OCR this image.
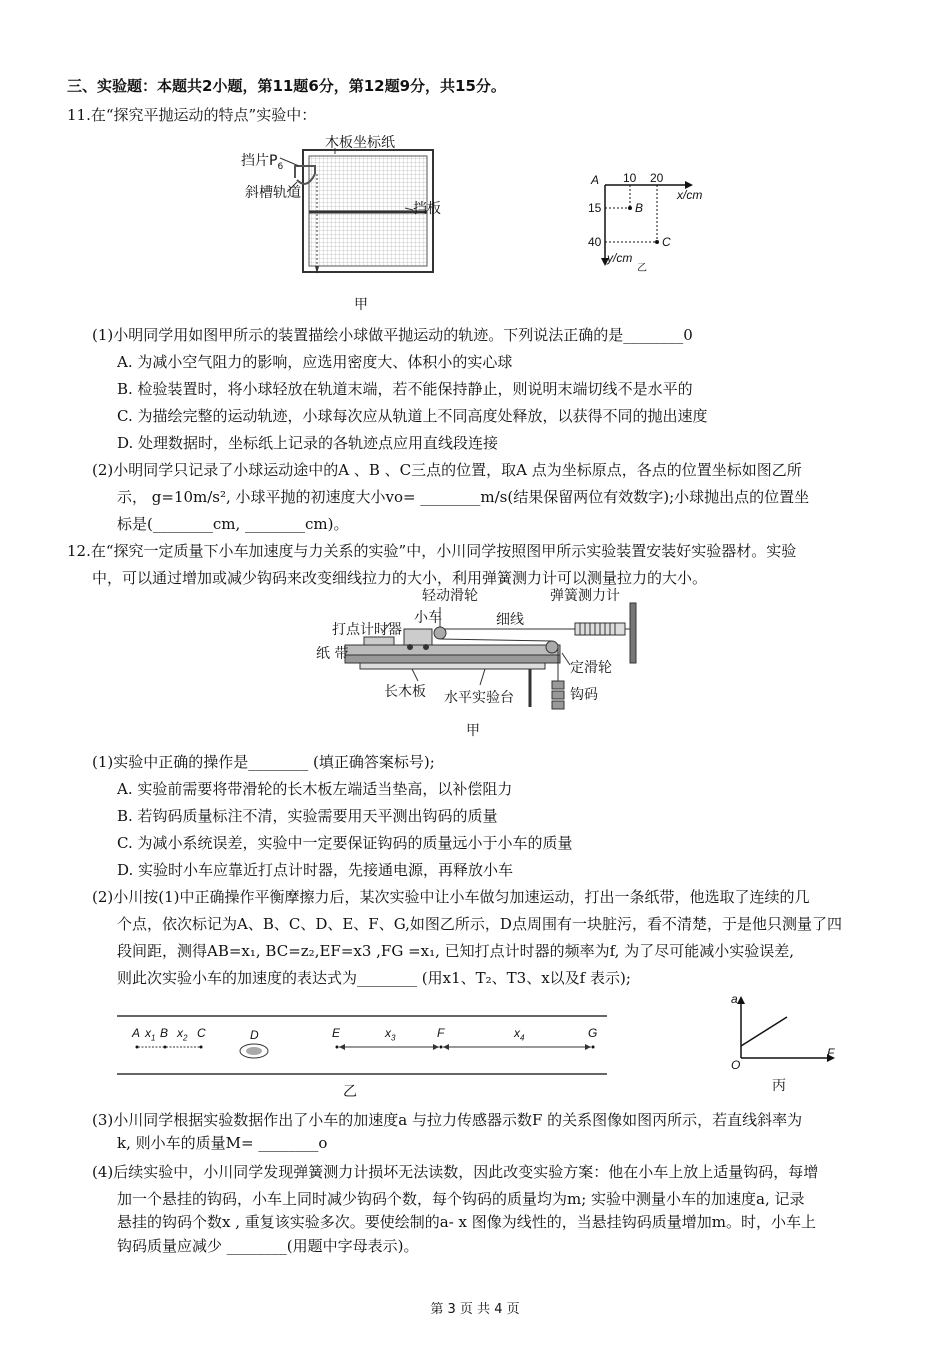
三、实验题：本题共2小题，第11题6分，第12题9分，共15分。
11.在“探究平抛运动的特点”实验中：
木板坐标纸
挡片$P_6$
斜槽轨道
挡板
甲
A 10 20
x/cm
15
40
B
C
y/cm
乙
(1)小明同学用如图甲所示的装置描绘小球做平抛运动的轨迹。下列说法正确的是________0
A. 为减小空气阻力的影响，应选用密度大、体积小的实心球
B. 检验装置时，将小球轻放在轨道末端，若不能保持静止，则说明末端切线不是水平的
C. 为描绘完整的运动轨迹，小球每次应从轨道上不同高度处释放，以获得不同的抛出速度
D. 处理数据时，坐标纸上记录的各轨迹点应用直线段连接
(2)小明同学只记录了小球运动途中的A 、B 、C三点的位置，取A 点为坐标原点，各点的位置坐标如图乙所
示， g=10m/s², 小球平抛的初速度大小vo= ________m/s(结果保留两位有效数字);小球抛出点的位置坐
标是(________cm, ________cm)。
12.在“探究一定质量下小车加速度与力关系的实验”中，小川同学按照图甲所示实验装置安装好实验器材。实验
中，可以通过增加或减少钩码来改变细线拉力的大小，利用弹簧测力计可以测量拉力的大小。
轻动滑轮	弹簧测力计
小车	细线
打点计时器
纸 带
定滑轮
钩码
长木板 水平实验台
甲
(1)实验中正确的操作是________ (填正确答案标号);
A. 实验前需要将带滑轮的长木板左端适当垫高，以补偿阻力
B. 若钩码质量标注不清，实验需要用天平测出钩码的质量
C. 为减小系统误差，实验中一定要保证钩码的质量远小于小车的质量
D. 实验时小车应靠近打点计时器，先接通电源，再释放小车
(2)小川按(1)中正确操作平衡摩擦力后，某次实验中让小车做匀加速运动，打出一条纸带，他选取了连续的几
个点，依次标记为A、B、C、D、E、F、G,如图乙所示，D点周围有一块脏污，看不清楚，于是他只测量了四
段间距，测得AB=x₁, BC=z₂,EF=x3 ,FG =x₁, 已知打点计时器的频率为f, 为了尽可能减小实验误差,
则此次实验小车的加速度的表达式为________ (用x1、T₂、T3、x以及f 表示);
A $x_1$ B $x_2$ C	D	E	$x_3$	F	$x_4$	G
乙
a
F
O
丙
(3)小川同学根据实验数据作出了小车的加速度a 与拉力传感器示数F 的关系图像如图丙所示，若直线斜率为
k, 则小车的质量M= ________o
(4)后续实验中，小川同学发现弹簧测力计损坏无法读数，因此改变实验方案：他在小车上放上适量钩码，每增
加一个悬挂的钩码，小车上同时减少钩码个数，每个钩码的质量均为m; 实验中测量小车的加速度a, 记录
悬挂的钩码个数x , 重复该实验多次。要使绘制的a- x 图像为线性的，当悬挂钩码质量增加m。时，小车上
钩码质量应减少 ________(用题中字母表示)。
第 3 页 共 4 页
